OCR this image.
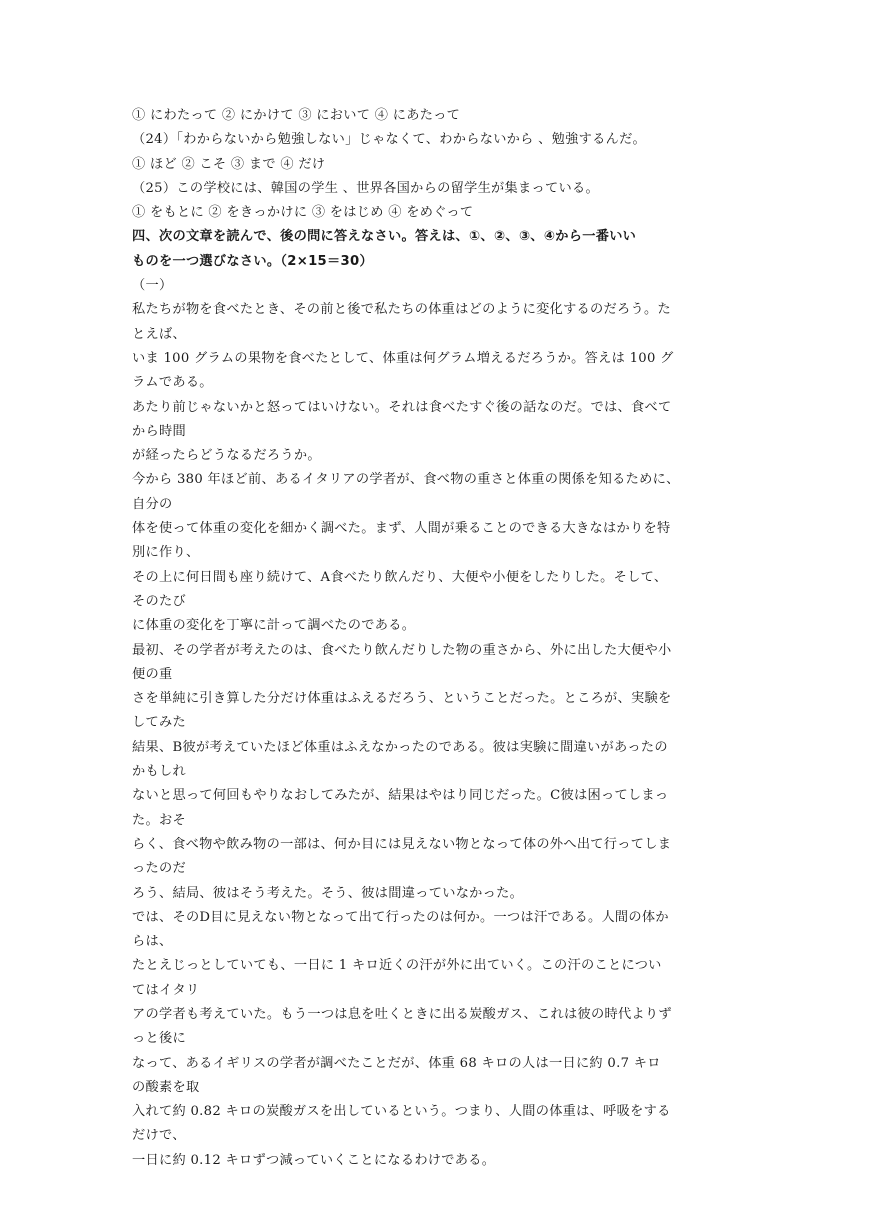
① にわたって ② にかけて ③ において ④ にあたって
（24）「わからないから勉強しない」じゃなくて、わからないから 、勉強するんだ。
① ほど ② こそ ③ まで ④ だけ
（25）この学校には、韓国の学生 、世界各国からの留学生が集まっている。
① をもとに ② をきっかけに ③ をはじめ ④ をめぐって
四、次の文章を読んで、後の問に答えなさい。答えは、①、②、③、④から一番いい
ものを一つ選びなさい。（2×15＝30）
（一）
私たちが物を食べたとき、その前と後で私たちの体重はどのように変化するのだろう。た
とえば、
いま 100 グラムの果物を食べたとして、体重は何グラム増えるだろうか。答えは 100 グ
ラムである。
あたり前じゃないかと怒ってはいけない。それは食べたすぐ後の話なのだ。では、食べて
から時間
が経ったらどうなるだろうか。
今から 380 年ほど前、あるイタリアの学者が、食べ物の重さと体重の関係を知るために、
自分の
体を使って体重の変化を細かく調べた。まず、人間が乗ることのできる大きなはかりを特
別に作り、
その上に何日間も座り続けて、A食べたり飲んだり、大便や小便をしたりした。そして、
そのたび
に体重の変化を丁寧に計って調べたのである。
最初、その学者が考えたのは、食べたり飲んだりした物の重さから、外に出した大便や小
便の重
さを単純に引き算した分だけ体重はふえるだろう、ということだった。ところが、実験を
してみた
結果、B彼が考えていたほど体重はふえなかったのである。彼は実験に間違いがあったの
かもしれ
ないと思って何回もやりなおしてみたが、結果はやはり同じだった。C彼は困ってしまっ
た。おそ
らく、食べ物や飲み物の一部は、何か目には見えない物となって体の外へ出て行ってしま
ったのだ
ろう、結局、彼はそう考えた。そう、彼は間違っていなかった。
では、そのD目に見えない物となって出て行ったのは何か。一つは汗である。人間の体か
らは、
たとえじっとしていても、一日に 1 キロ近くの汗が外に出ていく。この汗のことについ
てはイタリ
アの学者も考えていた。もう一つは息を吐くときに出る炭酸ガス、これは彼の時代よりず
っと後に
なって、あるイギリスの学者が調べたことだが、体重 68 キロの人は一日に約 0.7 キロ
の酸素を取
入れて約 0.82 キロの炭酸ガスを出しているという。つまり、人間の体重は、呼吸をする
だけで、
一日に約 0.12 キロずつ減っていくことになるわけである。
